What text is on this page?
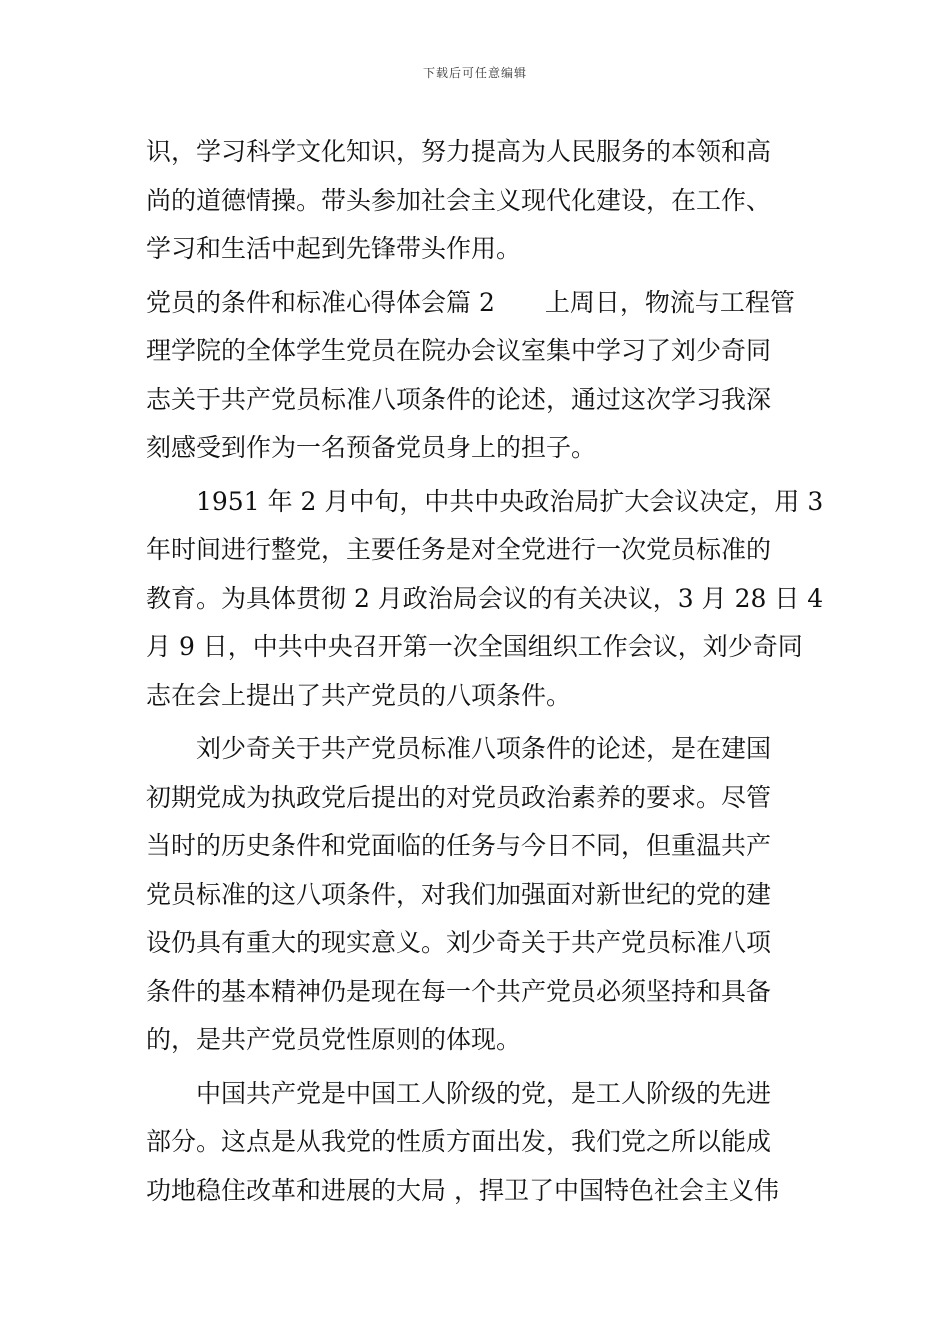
下载后可任意编辑
识，学习科学文化知识，努力提高为人民服务的本领和高
尚的道德情操。带头参加社会主义现代化建设，在工作、
学习和生活中起到先锋带头作用。
党员的条件和标准心得体会篇 2　　上周日，物流与工程管
理学院的全体学生党员在院办会议室集中学习了刘少奇同
志关于共产党员标准八项条件的论述，通过这次学习我深
刻感受到作为一名预备党员身上的担子。
1951 年 2 月中旬，中共中央政治局扩大会议决定，用 3
年时间进行整党，主要任务是对全党进行一次党员标准的
教育。为具体贯彻 2 月政治局会议的有关决议，3 月 28 日 4
月 9 日，中共中央召开第一次全国组织工作会议，刘少奇同
志在会上提出了共产党员的八项条件。
刘少奇关于共产党员标准八项条件的论述，是在建国
初期党成为执政党后提出的对党员政治素养的要求。尽管
当时的历史条件和党面临的任务与今日不同，但重温共产
党员标准的这八项条件，对我们加强面对新世纪的党的建
设仍具有重大的现实意义。刘少奇关于共产党员标准八项
条件的基本精神仍是现在每一个共产党员必须坚持和具备
的，是共产党员党性原则的体现。
中国共产党是中国工人阶级的党，是工人阶级的先进
部分。这点是从我党的性质方面出发，我们党之所以能成
功地稳住改革和进展的大局 ，捍卫了中国特色社会主义伟
